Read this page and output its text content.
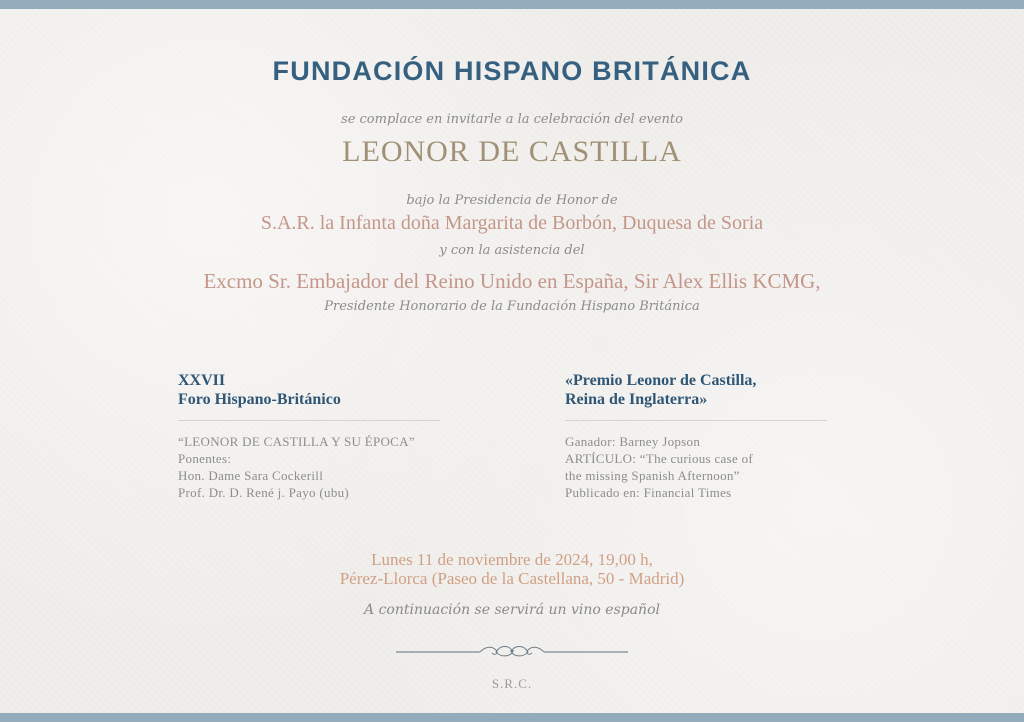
FUNDACIÓN HISPANO BRITÁNICA
se complace en invitarle a la celebración del evento
LEONOR DE CASTILLA
bajo la Presidencia de Honor de
S.A.R. la Infanta doña Margarita de Borbón, Duquesa de Soria
y con la asistencia del
Excmo Sr. Embajador del Reino Unido en España, Sir Alex Ellis KCMG,
Presidente Honorario de la Fundación Hispano Británica
XXVII
Foro Hispano-Británico
“LEONOR DE CASTILLA Y SU ÉPOCA”
Ponentes:
Hon. Dame Sara Cockerill
Prof. Dr. D. René j. Payo (ubu)
«Premio Leonor de Castilla,
Reina de Inglaterra»
Ganador: Barney Jopson
ARTÍCULO: “The curious case of
the missing Spanish Afternoon”
Publicado en: Financial Times
Lunes 11 de noviembre de 2024, 19,00 h,
Pérez-Llorca (Paseo de la Castellana, 50 - Madrid)
A continuación se servirá un vino español
S.R.C.
